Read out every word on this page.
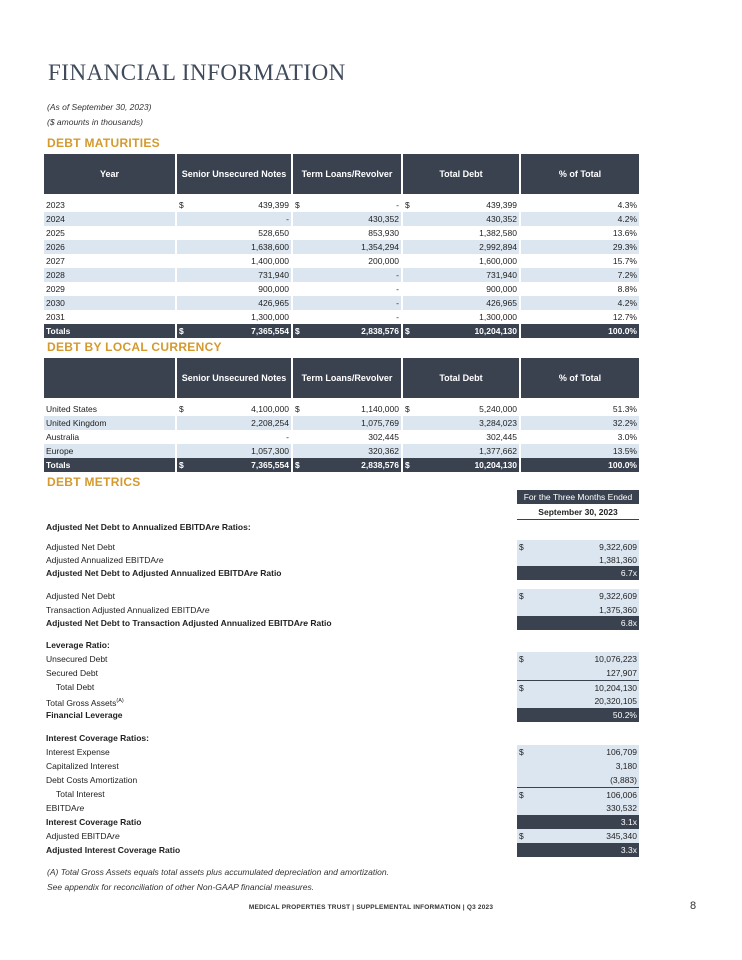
FINANCIAL INFORMATION
(As of September 30, 2023)
($ amounts in thousands)
DEBT MATURITIES
Year	Senior Unsecured Notes	Term Loans/Revolver	Total Debt	% of Total

2023	$ 439,399	$ -	$ 439,399	4.3%
2024	-	430,352	430,352	4.2%
2025	528,650	853,930	1,382,580	13.6%
2026	1,638,600	1,354,294	2,992,894	29.3%
2027	1,400,000	200,000	1,600,000	15.7%
2028	731,940	-	731,940	7.2%
2029	900,000	-	900,000	8.8%
2030	426,965	-	426,965	4.2%
2031	1,300,000	-	1,300,000	12.7%
Totals	$ 7,365,554	$ 2,838,576	$ 10,204,130	100.0%
DEBT BY LOCAL CURRENCY
	Senior Unsecured Notes	Term Loans/Revolver	Total Debt	% of Total

United States	$ 4,100,000	$ 1,140,000	$ 5,240,000	51.3%
United Kingdom	2,208,254	1,075,769	3,284,023	32.2%
Australia	-	302,445	302,445	3.0%
Europe	1,057,300	320,362	1,377,662	13.5%
Totals	$ 7,365,554	$ 2,838,576	$ 10,204,130	100.0%
DEBT METRICS
For the Three Months Ended
September 30, 2023
Adjusted Net Debt to Annualized EBITDAre Ratios:
Adjusted Net Debt	$	9,322,609
Adjusted Annualized EBITDAre	1,381,360
Adjusted Net Debt to Adjusted Annualized EBITDAre Ratio	6.7x
Adjusted Net Debt	$	9,322,609
Transaction Adjusted Annualized EBITDAre	1,375,360
Adjusted Net Debt to Transaction Adjusted Annualized EBITDAre Ratio	6.8x
Leverage Ratio:
Unsecured Debt	$	10,076,223
Secured Debt	127,907
Total Debt	$	10,204,130
Total Gross Assets$^{(A)}$	20,320,105
Financial Leverage	50.2%
Interest Coverage Ratios:
Interest Expense	$	106,709
Capitalized Interest	3,180
Debt Costs Amortization	(3,883)
Total Interest	$	106,006
EBITDAre	330,532
Interest Coverage Ratio	3.1x
Adjusted EBITDAre	$	345,340
Adjusted Interest Coverage Ratio	3.3x
(A) Total Gross Assets equals total assets plus accumulated depreciation and amortization.
See appendix for reconciliation of other Non-GAAP financial measures.
MEDICAL PROPERTIES TRUST | SUPPLEMENTAL INFORMATION | Q3 2023	8
